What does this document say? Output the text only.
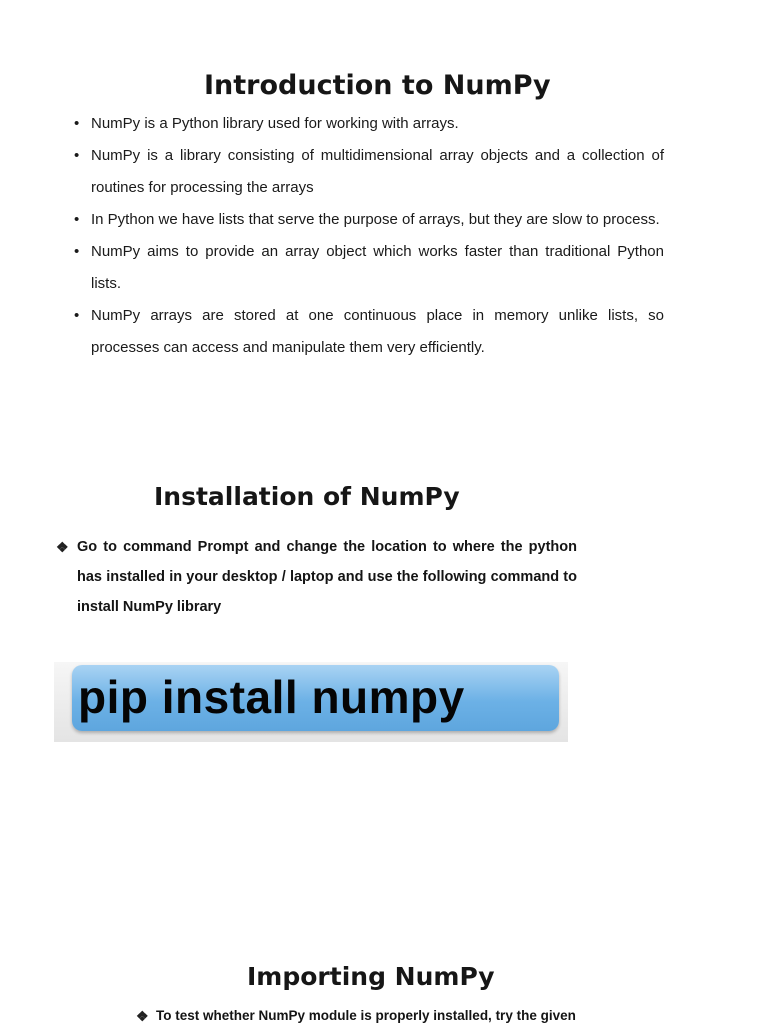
Introduction to NumPy
• NumPy is a Python library used for working with arrays.
• NumPy is a library consisting of multidimensional array objects and a collection of routines for processing the arrays
• In Python we have lists that serve the purpose of arrays, but they are slow to process.
• NumPy aims to provide an array object which works faster than traditional Python lists.
• NumPy arrays are stored at one continuous place in memory unlike lists, so processes can access and manipulate them very efficiently.
Installation of NumPy
❖ Go to command Prompt and change the location to where the python has installed in your desktop / laptop and use the following command to install NumPy library
pip install numpy
Importing NumPy
❖ To test whether NumPy module is properly installed, try the given
